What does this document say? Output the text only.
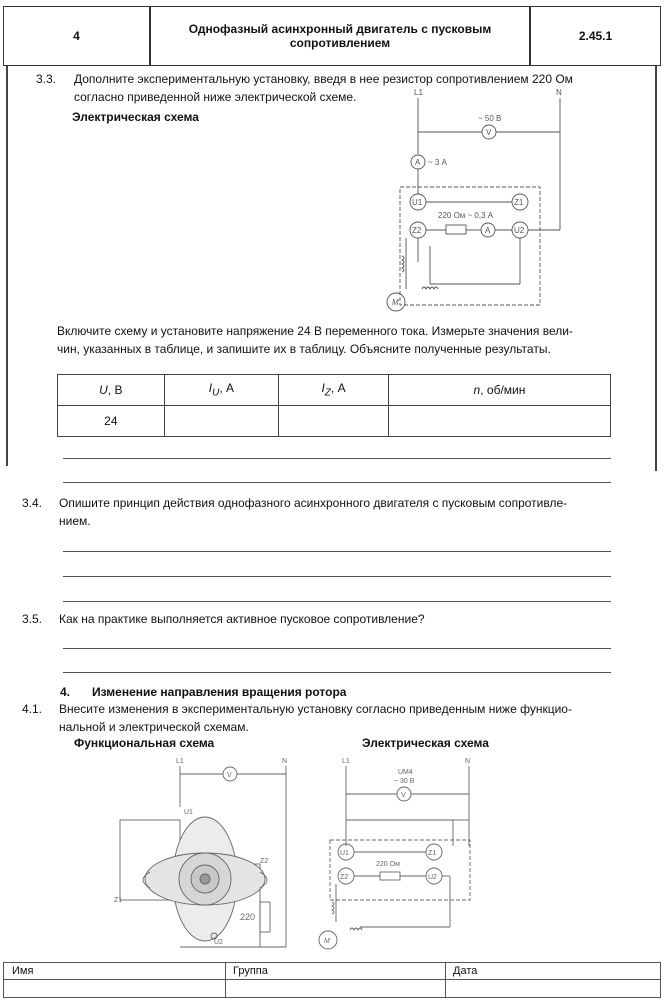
4	Однофазный асинхронный двигатель с пусковым
сопротивлением	2.45.1
3.3. Дополните экспериментальную установку, введя в нее резистор сопротивлением 220 Ом
согласно приведенной ниже электрической схеме.
Электрическая схема
L1	N
V
~ 50 В
A ~ 3 А
U1	Z1
Z2	U2
A
220 Ом ~ 0,3 А
M
Включите схему и установите напряжение 24 В переменного тока. Измерьте значения вели-
чин, указанных в таблице, и запишите их в таблицу. Объясните полученные результаты.
U, В	$I_U$, А	$I_Z$, А	n, об/мин
24			
3.4. Опишите принцип действия однофазного асинхронного двигателя с пусковым сопротивле-
нием.
3.5. Как на практике выполняется активное пусковое сопротивление?
4. Изменение направления вращения ротора
4.1. Внесите изменения в экспериментальную установку согласно приведенным ниже функцио-
нальной и электрической схемам.
Функциональная схема	Электрическая схема
L1	N
V
U1
Z2
Z1
220
U2
L1	N
UM4
~ 30 В
V
U1	Z1
Z2	U2
220 Ом
M
Имя	Группа	Дата
